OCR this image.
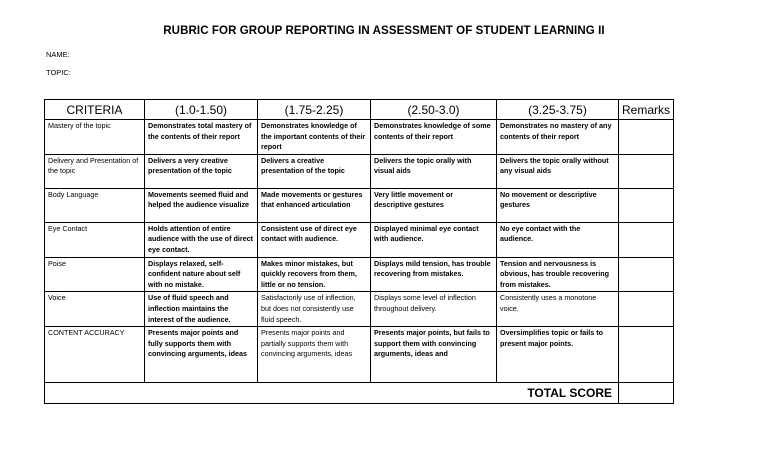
RUBRIC FOR GROUP REPORTING IN ASSESSMENT OF STUDENT LEARNING II
NAME:
TOPIC:
CRITERIA	(1.0-1.50)	(1.75-2.25)	(2.50-3.0)	(3.25-3.75)	Remarks
Mastery of the topic	Demonstrates total mastery of the contents of their report	Demonstrates knowledge of the important contents of their report	Demonstrates knowledge of some contents of their report	Demonstrates no mastery of any contents of their report	
Delivery and Presentation of the topic	Delivers a very creative presentation of the topic	Delivers a creative presentation of the topic	Delivers the topic orally with visual aids	Delivers the topic orally without any visual aids	
Body Language	Movements seemed fluid and helped the audience visualize	Made movements or gestures that enhanced articulation	Very little movement or descriptive gestures	No movement or descriptive gestures	
Eye Contact	Holds attention of entire audience with the use of direct eye contact.	Consistent use of direct eye contact with audience.	Displayed minimal eye contact with audience.	No eye contact with the audience.	
Poise	Displays relaxed, self-confident nature about self with no mistake.	Makes minor mistakes, but quickly recovers from them, little or no tension.	Displays mild tension, has trouble recovering from mistakes.	Tension and nervousness is obvious, has trouble recovering from mistakes.	
Voice	Use of fluid speech and inflection maintains the interest of the audience.	Satisfactorily use of inflection, but does not consistently use fluid speech.	Displays some level of inflection throughout delivery.	Consistently uses a monotone voice.	
CONTENT ACCURACY	Presents major points and fully supports them with convincing arguments, ideas	Presents major points and partially supports them with convincing arguments, ideas	Presents major points, but fails to support them with convincing arguments, ideas and	Oversimplifies topic or fails to present major points.	
TOTAL SCORE					
